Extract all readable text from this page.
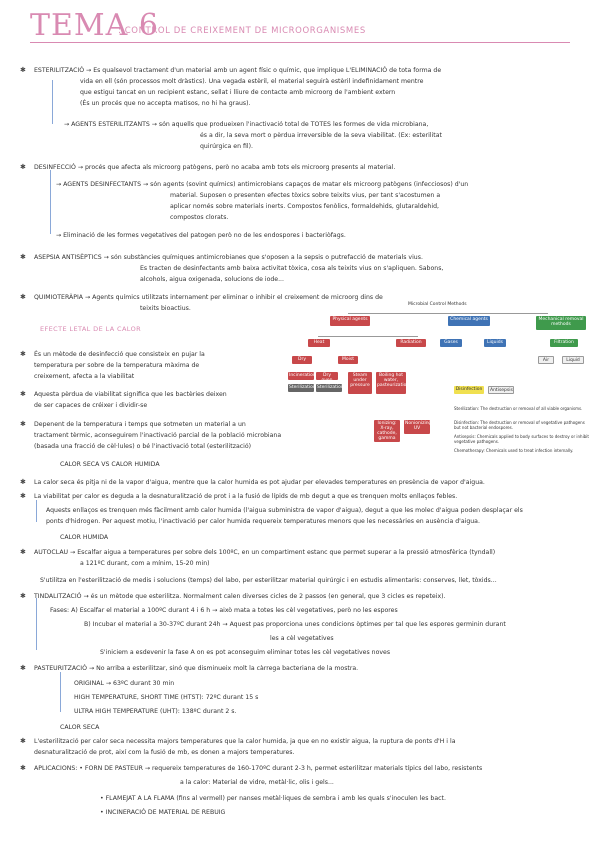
TEMA 6
: CONTROL DE CREIXEMENT DE MICROORGANISMES
✱ ESTERILITZACIÓ → Es qualsevol tractament d'un material amb un agent físic o químic, que implique L'ELIMINACIÓ de tota forma de
vida en ell (són processos molt dràstics). Una vegada estèril, el material seguirà estèril indefinidament mentre
que estigui tancat en un recipient estanc, sellat i lliure de contacte amb microorg de l'ambient extern
(És un procés que no accepta matisos, no hi ha graus).
→ AGENTS ESTERILITZANTS → són aquells que produeixen l'inactivació total de TOTES les formes de vida microbiana,
és a dir, la seva mort o pèrdua irreversible de la seva viabilitat. (Ex: esterilitat
quirúrgica en fil).
✱ DESINFECCIÓ → procés que afecta als microorg patògens, però no acaba amb tots els microorg presents al material.
→ AGENTS DESINFECTANTS → són agents (sovint químics) antimicrobians capaços de matar els microorg patògens (infecciosos) d'un
material. Suposen o presenten efectes tòxics sobre teixits vius, per tant s'acostumen a
aplicar només sobre materials inerts. Compostos fenòlics, formaldehids, glutaraldehid,
compostos clorats.
→ Eliminació de les formes vegetatives del patogen però no de les endospores i bacteriòfags.
✱ ASEPSIA ANTISÈPTICS → són substàncies químiques antimicrobianes que s'oposen a la sepsis o putrefacció de materials vius.
Es tracten de desinfectants amb baixa activitat tòxica, cosa als teixits vius on s'apliquen. Sabons,
alcohols, aigua oxigenada, solucions de iode...
✱ QUIMIOTERÀPIA → Agents químics utilitzats internament per eliminar o inhibir el creixement de microorg dins de
teixits bioactius.
EFECTE LETAL DE LA CALOR
✱ És un mètode de desinfecció que consisteix en pujar la
temperatura per sobre de la temperatura màxima de
creixement, afecta a la viabilitat
✱ Aquesta pèrdua de viabilitat significa que les bactèries deixen
de ser capaces de créixer i dividir-se
✱ Depenent de la temperatura i temps que sotmeten un material a un
tractament tèrmic, aconseguirem l'inactivació parcial de la població microbiana
(basada una fracció de cèl·lules) o bé l'inactivació total (esterilització)
CALOR SECA VS CALOR HUMIDA
Microbial Control Methods
Physical agents	Chemical agents	Mechanical removal methods
Heat	Radiation	Gases	Liquids	Filtration
Dry	Moist	Air	Liquid
Incineration	Dry oven
Sterilization Sterilization
Steam under pressure
Boiling hot water, pasteurization
Disinfection	Antisepsis
Ionizing: X-ray, cathode, gamma
Nonionizing: UV
Sterilization: The destruction or removal of all viable organisms.
Disinfection: The destruction or removal of vegetative pathogens but not bacterial endospores.
Antisepsis: Chemicals applied to body surfaces to destroy or inhibit vegetative pathogens.
Chemotherapy: Chemicals used to treat infection internally.
✱ La calor seca és pitja ni de la vapor d'aigua, mentre que la calor humida es pot ajudar per elevades temperatures en presència de vapor d'aigua.
✱ La viabilitat per calor es deguda a la desnaturalització de prot i a la fusió de lípids de mb degut a que es trenquen molts enllaços febles.
Aquests enllaços es trenquen més fàcilment amb calor humida (l'aigua subministra de vapor d'aigua), degut a que les molec d'aigua poden desplaçar els
ponts d'hidrogen. Per aquest motiu, l'inactivació per calor humida requereix temperatures menors que les necessàries en ausència d'aigua.
CALOR HUMIDA
✱ AUTOCLAU → Escalfar aigua a temperatures per sobre dels 100ºC, en un compartiment estanc que permet superar a la pressió atmosfèrica (tyndall)
a 121ºC durant, com a mínim, 15-20 min)
S'utilitza en l'esterilització de medis i solucions (temps) del labo, per esterilitzar material quirúrgic i en estudis alimentaris: conserves, llet, tòxids...
✱ TINDALITZACIÓ → és un mètode que esterilitza. Normalment calen diverses cicles de 2 passos (en general, que 3 cicles es repeteix).
Fases: A) Escalfar el material a 100ºC durant 4 i 6 h → això mata a totes les cèl vegetatives, però no les espores
B) Incubar el material a 30-37ºC durant 24h → Aquest pas proporciona unes condicions òptimes per tal que les espores germinin durant
les a cèl vegetatives
S'iniciem a esdevenir la fase A on es pot aconseguim eliminar totes les cèl vegetatives noves
✱ PASTEURITZACIÓ → No arriba a esterilitzar, sinó que disminueix molt la càrrega bacteriana de la mostra.
ORIGINAL → 63ºC durant 30 min
HIGH TEMPERATURE, SHORT TIME (HTST): 72ºC durant 15 s
ULTRA HIGH TEMPERATURE (UHT): 138ºC durant 2 s.
CALOR SECA
✱ L'esterilització per calor seca necessita majors temperatures que la calor humida, ja que en no existir aigua, la ruptura de ponts d'H i la
desnaturalització de prot, així com la fusió de mb, es donen a majors temperatures.
✱ APLICACIONS: • FORN DE PASTEUR → requereix temperatures de 160-170ºC durant 2-3 h, permet esterilitzar materials típics del labo, resistents
a la calor: Material de vidre, metàl·lic, olis i gels...
• FLAMEJAT A LA FLAMA (fins al vermell) per nanses metàl·liques de sembra i amb les quals s'inoculen les bact.
• INCINERACIÓ DE MATERIAL DE REBUIG
